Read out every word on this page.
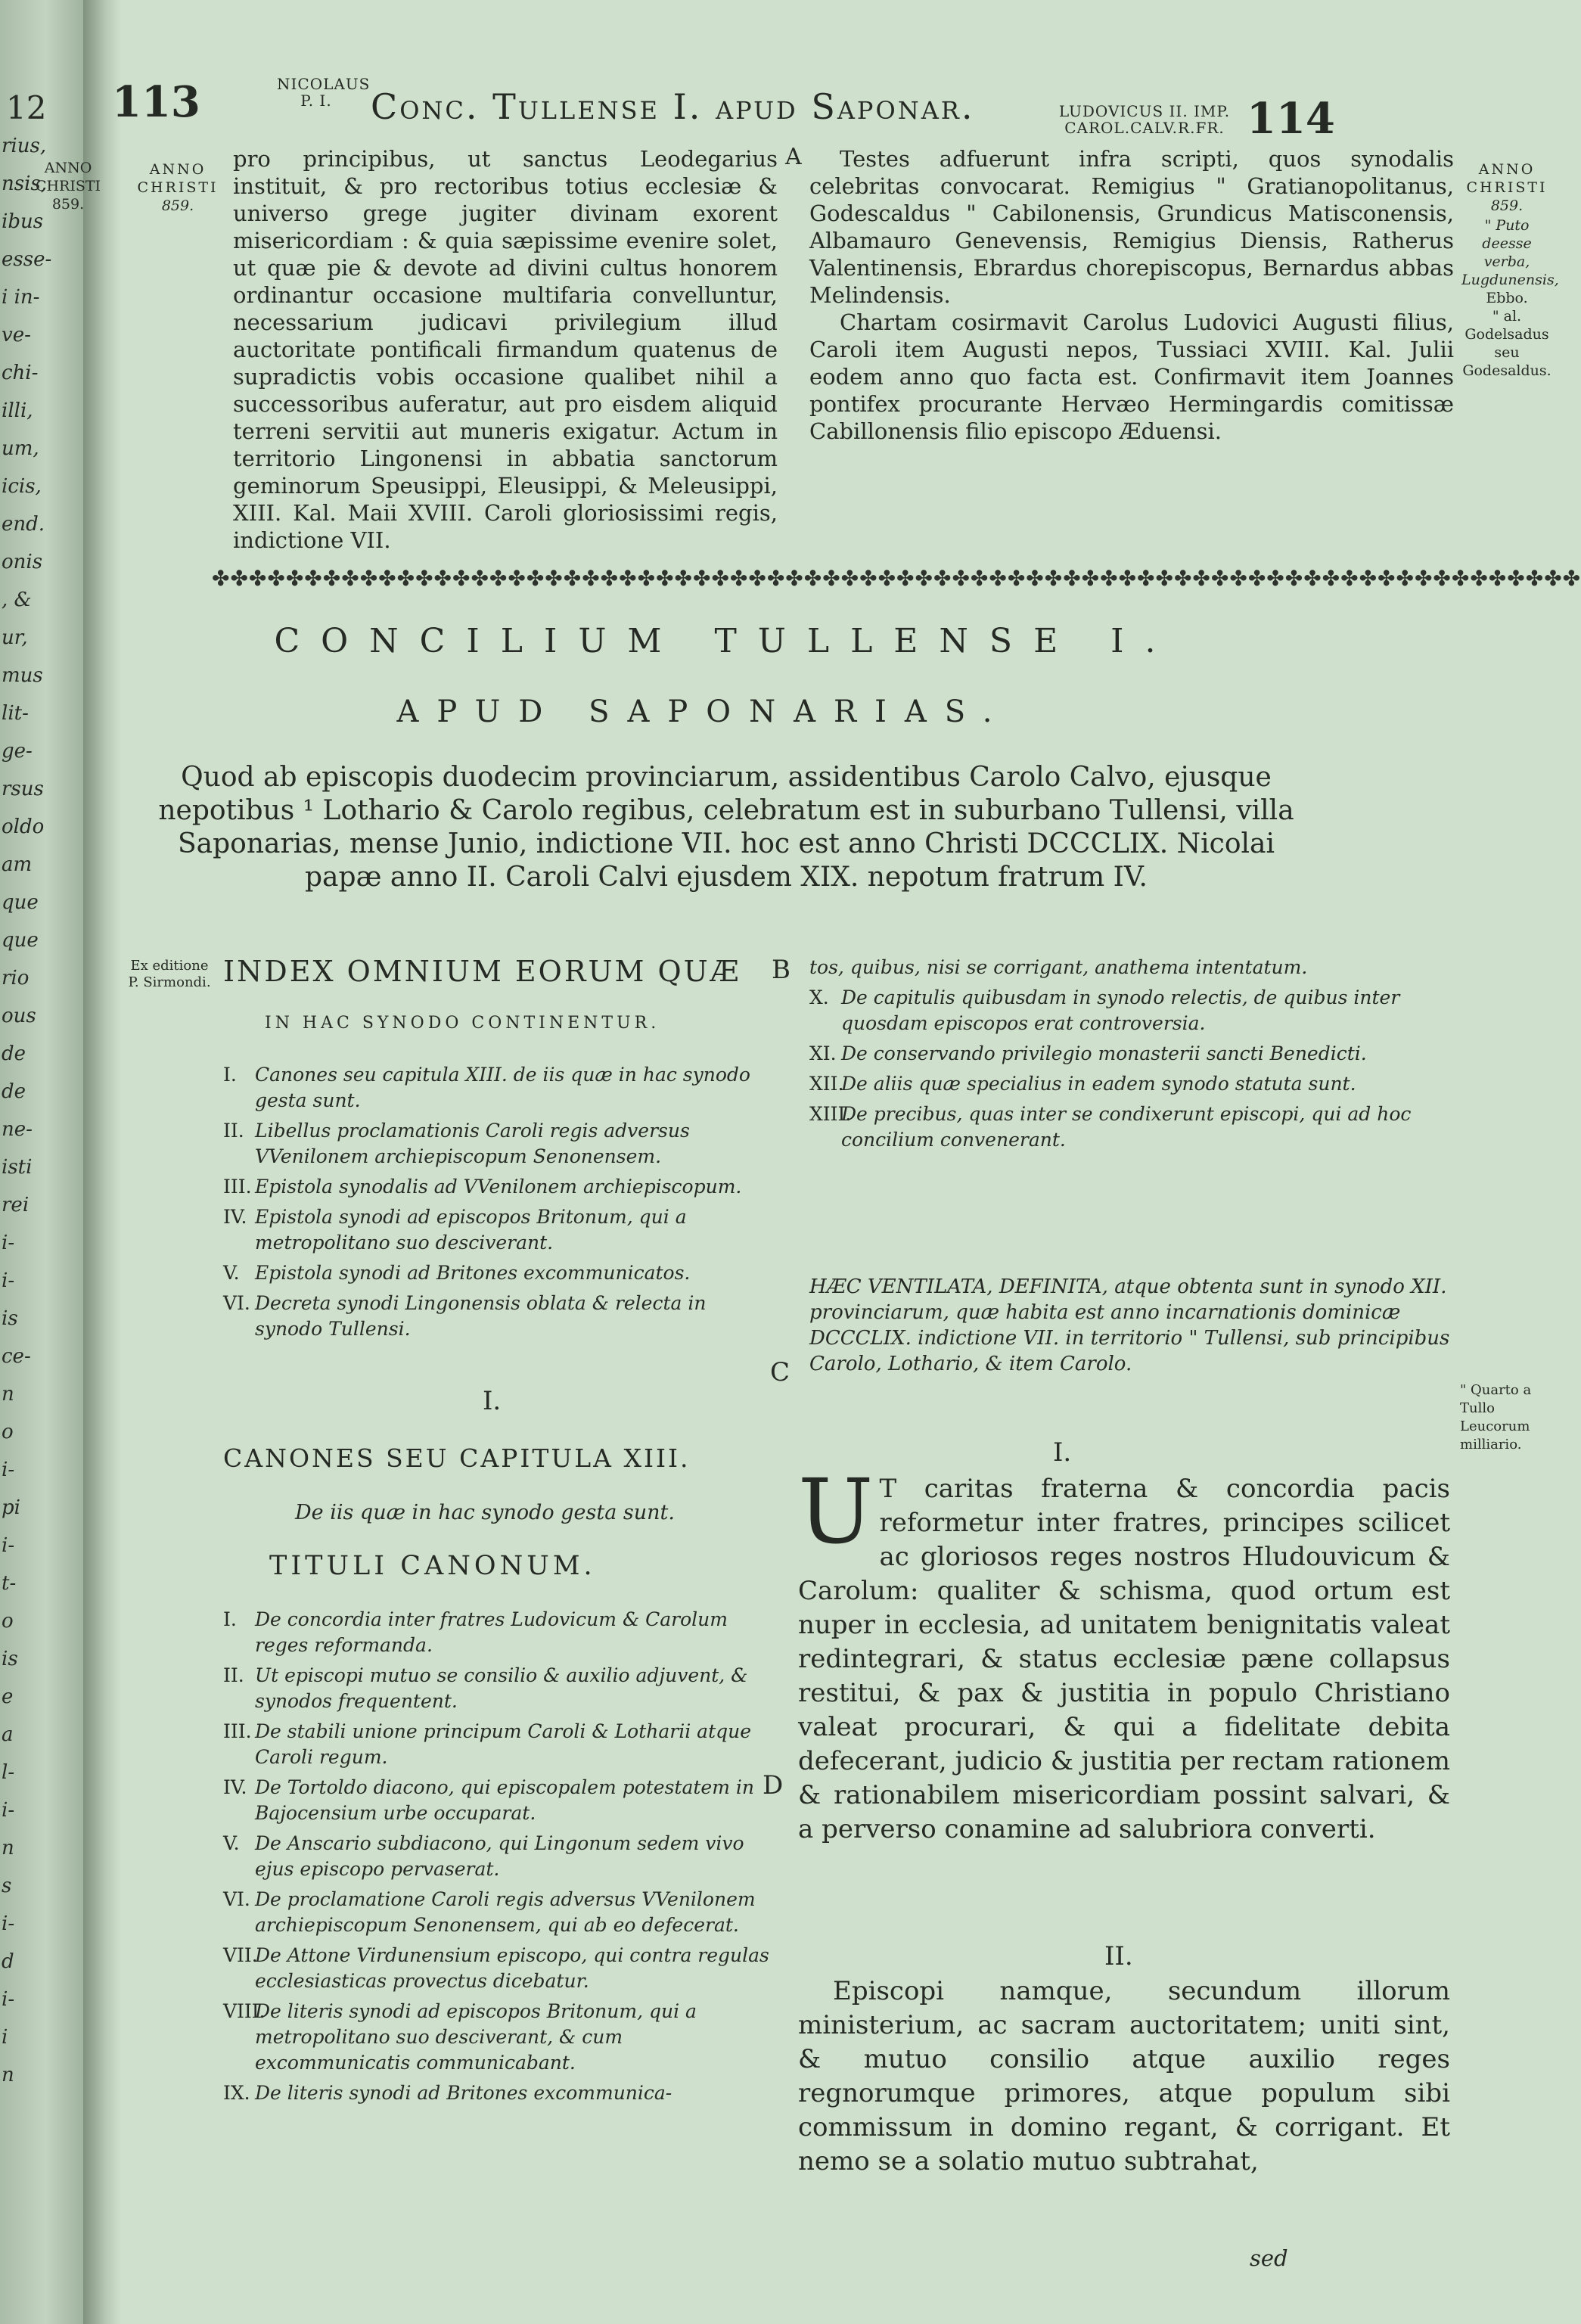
12
rius,
nsis,
ibus
esse-
i in-
ve-
chi-
illi,
um,
icis,
end.
onis
, &
ur,
mus
lit-
ge-
rsus
oldo
am
que
que
rio
ous
de
de
ne-
isti
rei
i-
i-
is
ce-
n
o
i-
pi
i-
t-
o
is
e
a
l-
i-
n
s
i-
d
i-
i
n
113	NICOLAUS
P. I.	Conc. Tullense I. apud Saponar.	LUDOVICUS II. IMP.
CAROL.CALV.R.FR. 114
ANNO
CHRISTI
859.
ANNO
CHRISTI
859.

pro principibus, ut sanctus Leodegarius instituit, & pro rectoribus totius ecclesiæ & universo grege jugiter divinam exorent misericordiam : & quia sæpissime evenire solet, ut quæ pie & devote ad divini cultus honorem ordinantur occasione multifaria convelluntur, necessarium judicavi privilegium illud auctoritate pontificali firmandum quatenus de supradictis vobis occasione qualibet nihil a successoribus auferatur, aut pro eisdem aliquid terreni servitii aut muneris exigatur. Actum in territorio Lingonensi in abbatia sanctorum geminorum Speusippi, Eleusippi, & Meleusippi, XIII. Kal. Maii XVIII. Caroli gloriosissimi regis, indictione VII.

A	Testes adfuerunt infra scripti, quos synodalis celebritas convocarat. Remigius " Gratianopolitanus, Godescaldus " Cabilonensis, Grundicus Matisconensis, Albamauro Genevensis, Remigius Diensis, Ratherus Valentinensis, Ebrardus chorepiscopus, Bernardus abbas Melindensis.

Chartam cosirmavit Carolus Ludovici Augusti filius, Caroli item Augusti nepos, Tussiaci XVIII. Kal. Julii eodem anno quo facta est. Confirmavit item Joannes pontifex procurante Hervæo Hermingardis comitissæ Cabillonensis filio episcopo Æduensi.

ANNO
CHRISTI
859.
" Puto deesse verba, Lugdunensis,
Ebbo.
" al. Godelsadus seu Godesaldus.
✤✤✤✤✤✤✤✤✤✤✤✤✤✤✤✤✤✤✤✤✤✤✤✤✤✤✤✤✤✤✤✤✤✤✤✤✤✤✤✤✤✤✤✤✤✤✤✤✤✤✤✤✤✤✤✤✤✤✤✤✤✤✤✤✤✤✤✤✤✤✤✤✤✤
CONCILIUM TULLENSE I.
APUD SAPONARIAS.
Quod ab episcopis duodecim provinciarum, assidentibus Carolo Calvo, ejusque nepotibus ¹ Lothario & Carolo regibus, celebratum est in suburbano Tullensi, villa Saponarias, mense Junio, indictione VII. hoc est anno Christi DCCCLIX. Nicolai papæ anno II. Caroli Calvi ejusdem XIX. nepotum fratrum IV.
Ex editione
P. Sirmondi. INDEX OMNIUM EORUM QUÆ B
IN HAC SYNODO CONTINENTUR.
I. Canones seu capitula XIII. de iis quæ in hac synodo gesta sunt.
II. Libellus proclamationis Caroli regis adversus VVenilonem archiepiscopum Senonensem.
III. Epistola synodalis ad VVenilonem archiepiscopum.
IV. Epistola synodi ad episcopos Britonum, qui a metropolitano suo desciverant.
V. Epistola synodi ad Britones excommunicatos.
VI. Decreta synodi Lingonensis oblata & relecta in synodo Tullensi.
tos, quibus, nisi se corrigant, anathema intentatum.
X. De capitulis quibusdam in synodo relectis, de quibus inter quosdam episcopos erat controversia.
XI. De conservando privilegio monasterii sancti Benedicti.
XII.De aliis quæ specialius in eadem synodo statuta sunt.
XIII.De precibus, quas inter se condixerunt episcopi, qui ad hoc concilium convenerant.
HÆC VENTILATA, DEFINITA, atque obtenta sunt in synodo XII. provinciarum, quæ habita est anno incarnationis dominicæ DCCCLIX. indictione VII. in territorio " Tullensi, sub principibus Carolo, Lothario, & item Carolo.
C
" Quarto a Tullo Leucorum milliario.
I.
CANONES SEU CAPITULA XIII.
De iis quæ in hac synodo gesta sunt.
TITULI CANONUM.
I. De concordia inter fratres Ludovicum & Carolum reges reformanda.
II. Ut episcopi mutuo se consilio & auxilio adjuvent, & synodos frequentent.
III. De stabili unione principum Caroli & Lotharii atque Caroli regum.
IV. De Tortoldo diacono, qui episcopalem potestatem in Bajocensium urbe occuparat.
V. De Anscario subdiacono, qui Lingonum sedem vivo ejus episcopo pervaserat.
VI. De proclamatione Caroli regis adversus VVenilonem archiepiscopum Senonensem, qui ab eo defecerat.
VII.De Attone Virdunensium episcopo, qui contra regulas ecclesiasticas provectus dicebatur.
VIII.De literis synodi ad episcopos Britonum, qui a metropolitano suo desciverant, & cum excommunicatis communicabant.
IX. De literis synodi ad Britones excommunica-
D
I.
U T caritas fraterna & concordia pacis reformetur inter fratres, principes scilicet ac gloriosos reges nostros Hludouvicum & Carolum: qualiter & schisma, quod ortum est nuper in ecclesia, ad unitatem benignitatis valeat redintegrari, & status ecclesiæ pæne collapsus restitui, & pax & justitia in populo Christiano valeat procurari, & qui a fidelitate debita defecerant, judicio & justitia per rectam rationem & rationabilem misericordiam possint salvari, & a perverso conamine ad salubriora converti.
II.

Episcopi namque, secundum illorum ministerium, ac sacram auctoritatem; uniti sint, & mutuo consilio atque auxilio reges regnorumque primores, atque populum sibi commissum in domino regant, & corrigant. Et nemo se a solatio mutuo subtrahat,

sed
